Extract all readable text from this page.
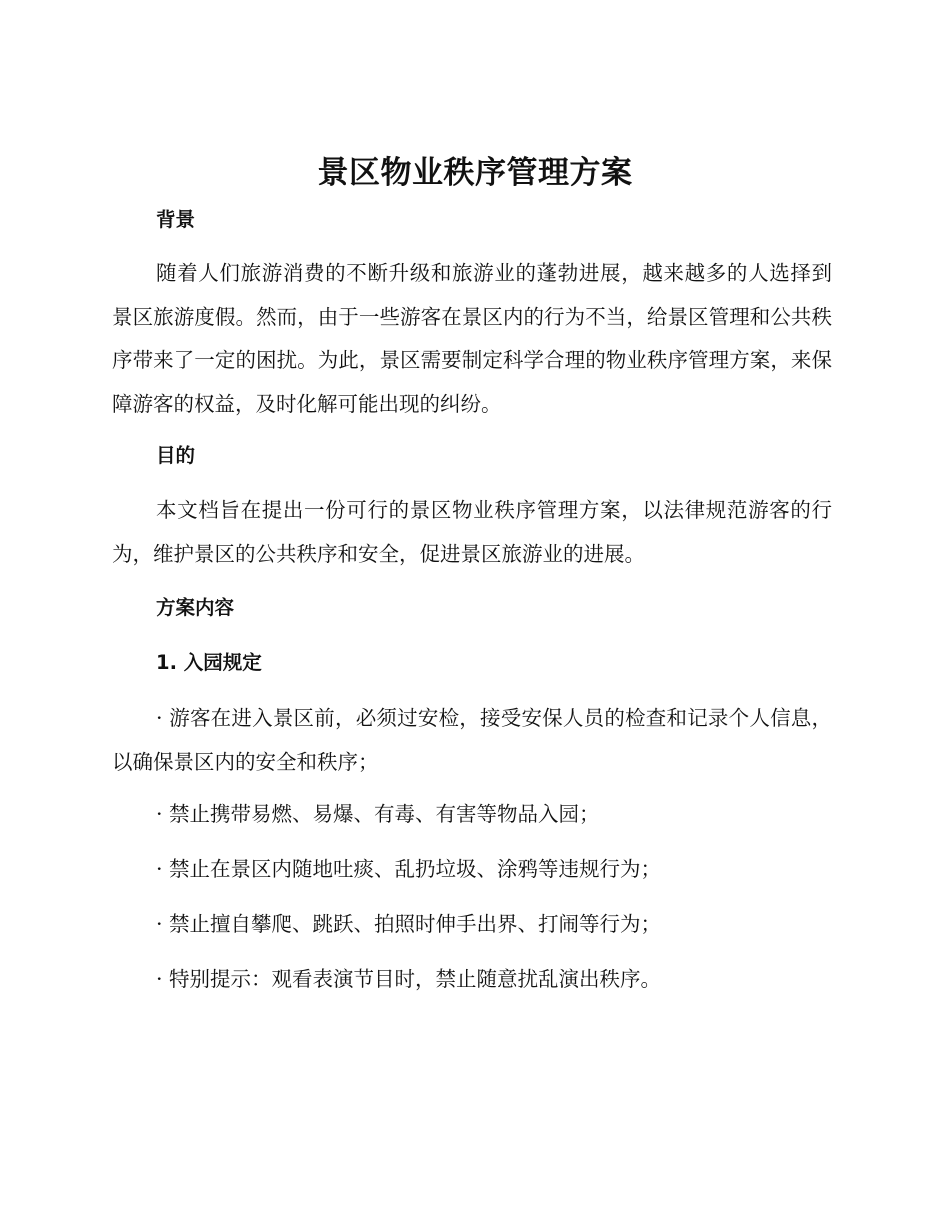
景区物业秩序管理方案
背景
随着人们旅游消费的不断升级和旅游业的蓬勃进展，越来越多的人选择到景区旅游度假。然而，由于一些游客在景区内的行为不当，给景区管理和公共秩序带来了一定的困扰。为此，景区需要制定科学合理的物业秩序管理方案，来保障游客的权益，及时化解可能出现的纠纷。
目的
本文档旨在提出一份可行的景区物业秩序管理方案，以法律规范游客的行为，维护景区的公共秩序和安全，促进景区旅游业的进展。
方案内容
1. 入园规定
· 游客在进入景区前，必须过安检，接受安保人员的检查和记录个人信息，以确保景区内的安全和秩序；
· 禁止携带易燃、易爆、有毒、有害等物品入园；
· 禁止在景区内随地吐痰、乱扔垃圾、涂鸦等违规行为；
· 禁止擅自攀爬、跳跃、拍照时伸手出界、打闹等行为；
· 特别提示：观看表演节目时，禁止随意扰乱演出秩序。
